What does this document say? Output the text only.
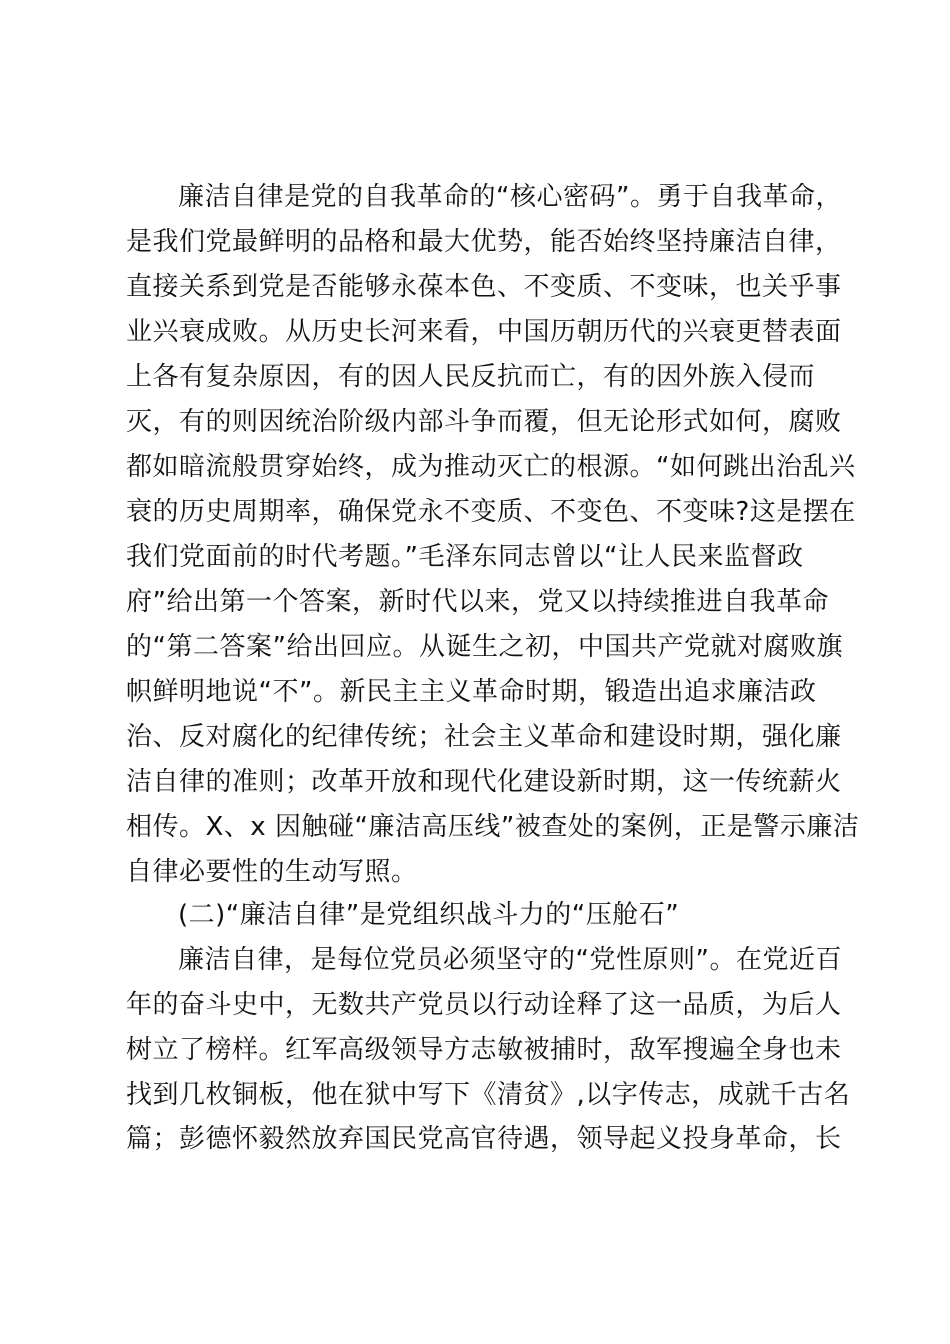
廉洁自律是党的自我革命的“核心密码”。勇于自我革命，
是我们党最鲜明的品格和最大优势，能否始终坚持廉洁自律，
直接关系到党是否能够永葆本色、不变质、不变味，也关乎事
业兴衰成败。从历史长河来看，中国历朝历代的兴衰更替表面
上各有复杂原因，有的因人民反抗而亡，有的因外族入侵而
灭，有的则因统治阶级内部斗争而覆，但无论形式如何，腐败
都如暗流般贯穿始终，成为推动灭亡的根源。“如何跳出治乱兴
衰的历史周期率，确保党永不变质、不变色、不变味?这是摆在
我们党面前的时代考题。”毛泽东同志曾以“让人民来监督政
府”给出第一个答案，新时代以来，党又以持续推进自我革命
的“第二答案”给出回应。从诞生之初，中国共产党就对腐败旗
帜鲜明地说“不”。新民主主义革命时期，锻造出追求廉洁政
治、反对腐化的纪律传统；社会主义革命和建设时期，强化廉
洁自律的准则；改革开放和现代化建设新时期，这一传统薪火
相传。X、x 因触碰“廉洁高压线”被查处的案例，正是警示廉洁
自律必要性的生动写照。
(二)“廉洁自律”是党组织战斗力的“压舱石”
廉洁自律，是每位党员必须坚守的“党性原则”。在党近百
年的奋斗史中，无数共产党员以行动诠释了这一品质，为后人
树立了榜样。红军高级领导方志敏被捕时，敌军搜遍全身也未
找到几枚铜板，他在狱中写下《清贫》,以字传志，成就千古名
篇；彭德怀毅然放弃国民党高官待遇，领导起义投身革命，长
